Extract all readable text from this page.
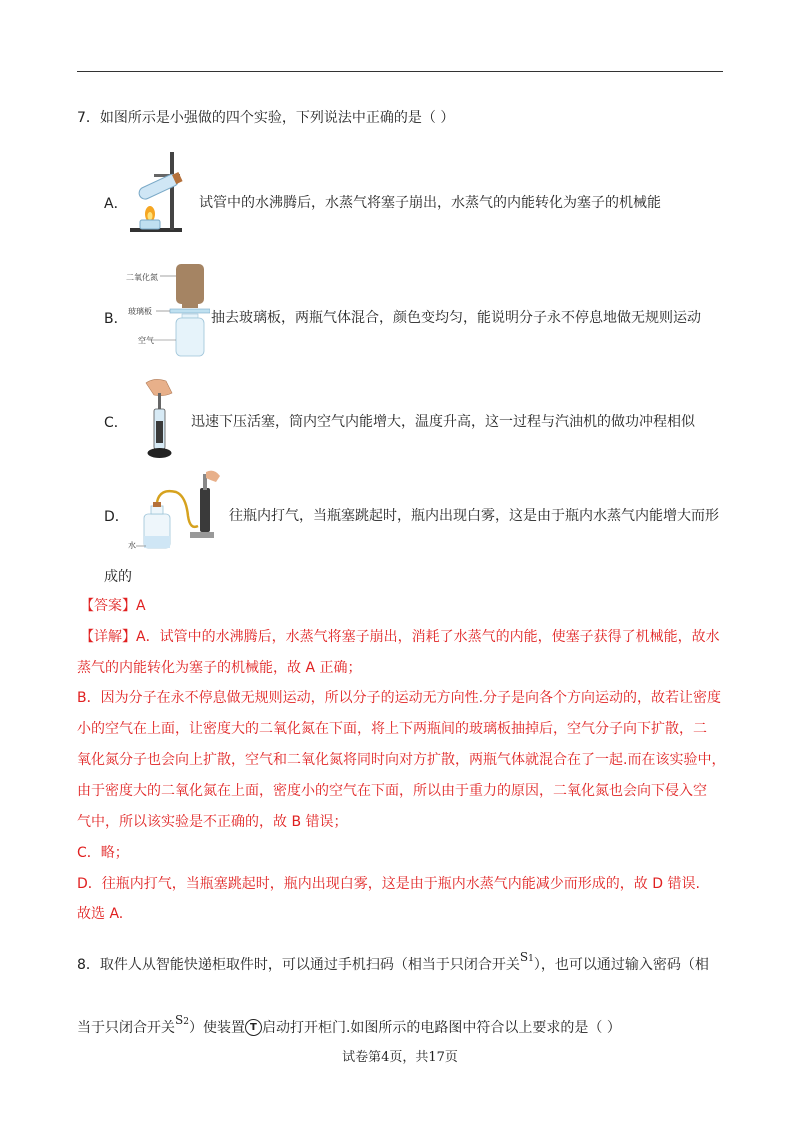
7．如图所示是小强做的四个实验，下列说法中正确的是（ ）
A．	试管中的水沸腾后，水蒸气将塞子崩出，水蒸气的内能转化为塞子的机械能
B．
二氧化氮
玻璃板
空气
抽去玻璃板，两瓶气体混合，颜色变均匀，能说明分子永不停息地做无规则运动
C．	迅速下压活塞，筒内空气内能增大，温度升高，这一过程与汽油机的做功冲程相似
D．
水
往瓶内打气，当瓶塞跳起时，瓶内出现白雾，这是由于瓶内水蒸气内能增大而形
成的
【答案】A
【详解】A．试管中的水沸腾后，水蒸气将塞子崩出，消耗了水蒸气的内能，使塞子获得了机械能，故水
蒸气的内能转化为塞子的机械能，故 A 正确；
B．因为分子在永不停息做无规则运动，所以分子的运动无方向性.分子是向各个方向运动的，故若让密度
小的空气在上面，让密度大的二氧化氮在下面，将上下两瓶间的玻璃板抽掉后，空气分子向下扩散，二
氧化氮分子也会向上扩散，空气和二氧化氮将同时向对方扩散，两瓶气体就混合在了一起.而在该实验中，
由于密度大的二氧化氮在上面，密度小的空气在下面，所以由于重力的原因，二氧化氮也会向下侵入空
气中，所以该实验是不正确的，故 B 错误；
C．略；
D．往瓶内打气，当瓶塞跳起时，瓶内出现白雾，这是由于瓶内水蒸气内能减少而形成的，故 D 错误.
故选 A.
8．取件人从智能快递柜取件时，可以通过手机扫码（相当于只闭合开关S1），也可以通过输入密码（相
当于只闭合开关S2）使装置 T 启动打开柜门.如图所示的电路图中符合以上要求的是（ ）
试卷第4页，共17页
